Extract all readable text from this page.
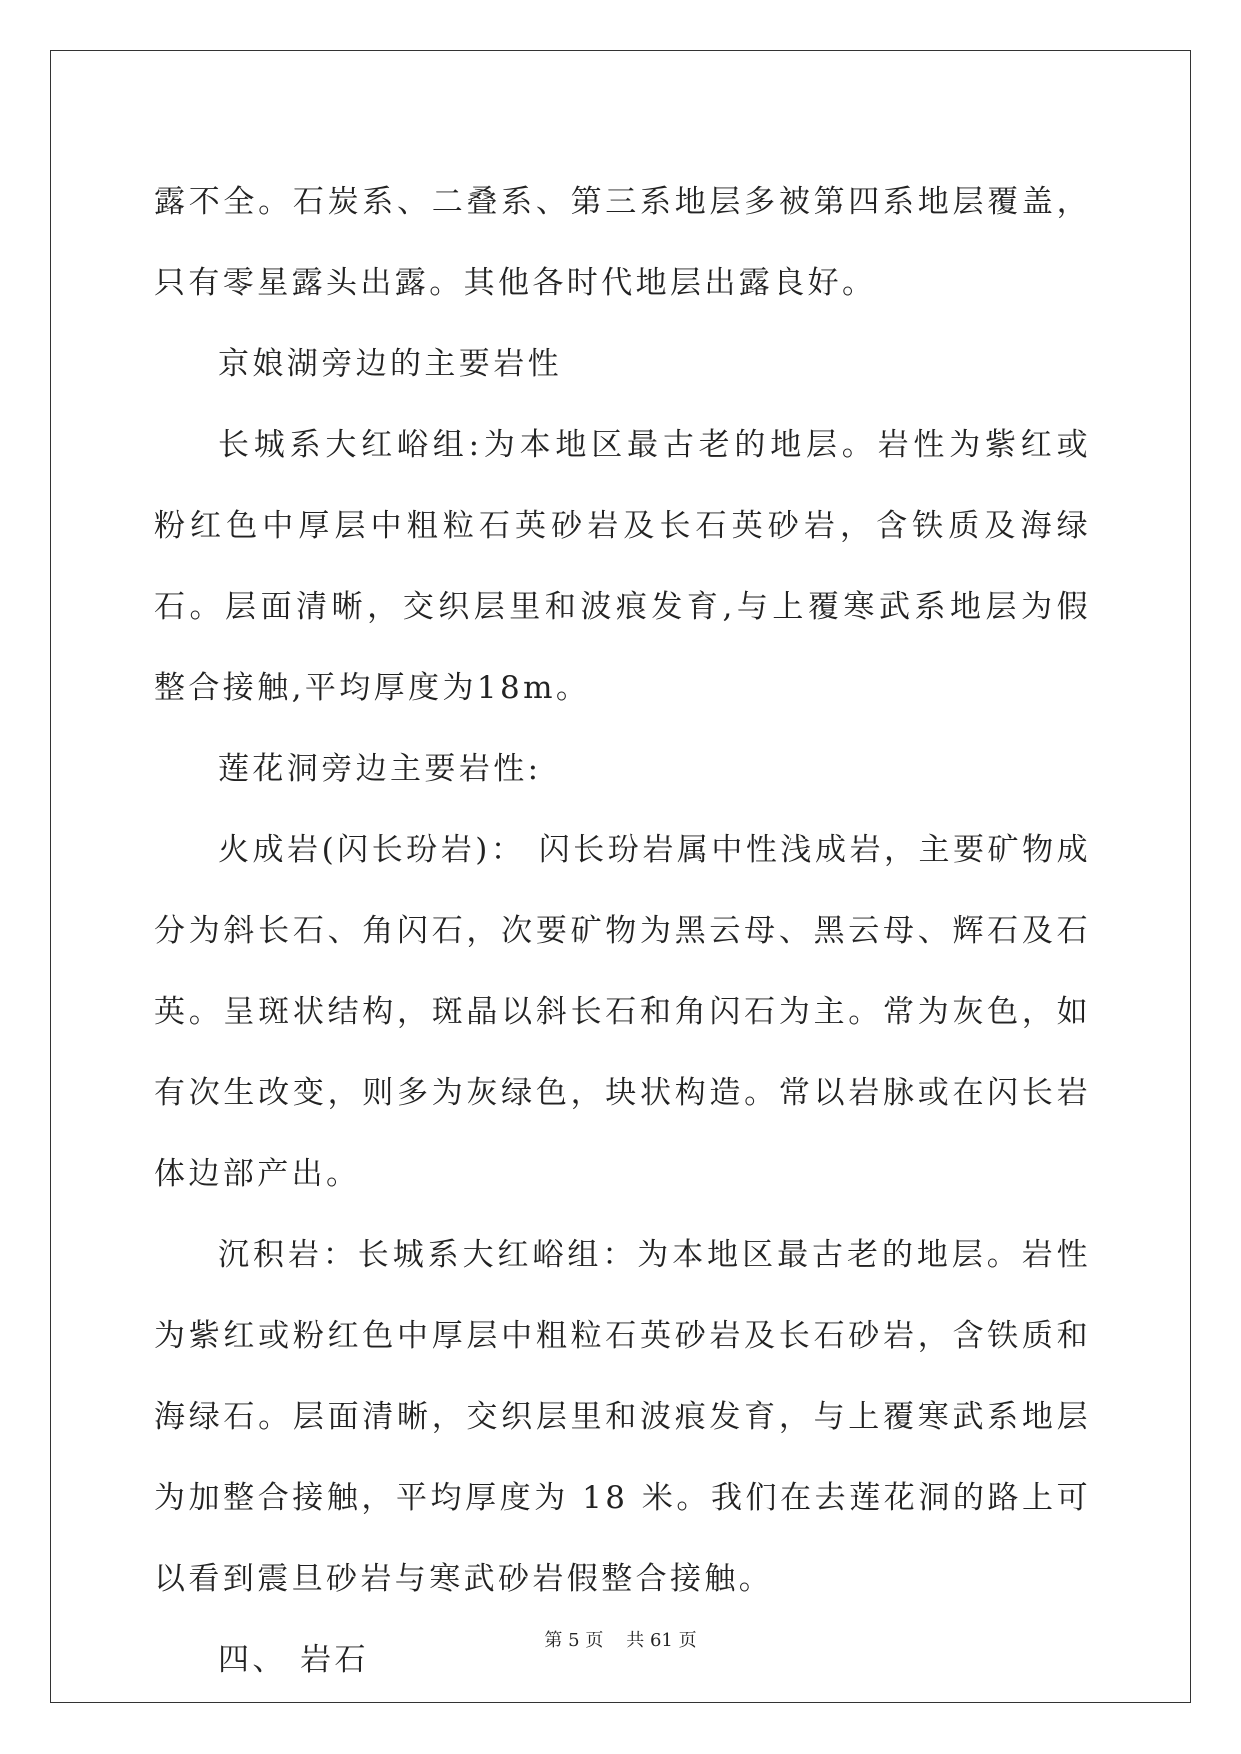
露不全。石炭系、二叠系、第三系地层多被第四系地层覆盖，只有零星露头出露。其他各时代地层出露良好。

京娘湖旁边的主要岩性

长城系大红峪组:为本地区最古老的地层。岩性为紫红或粉红色中厚层中粗粒石英砂岩及长石英砂岩，含铁质及海绿石。层面清晰，交织层里和波痕发育,与上覆寒武系地层为假整合接触,平均厚度为18m。

莲花洞旁边主要岩性:

火成岩(闪长玢岩)： 闪长玢岩属中性浅成岩，主要矿物成分为斜长石、角闪石，次要矿物为黑云母、黑云母、辉石及石英。呈斑状结构，斑晶以斜长石和角闪石为主。常为灰色，如有次生改变，则多为灰绿色，块状构造。常以岩脉或在闪长岩体边部产出。

沉积岩：长城系大红峪组：为本地区最古老的地层。岩性为紫红或粉红色中厚层中粗粒石英砂岩及长石砂岩，含铁质和海绿石。层面清晰，交织层里和波痕发育，与上覆寒武系地层为加整合接触，平均厚度为 18 米。我们在去莲花洞的路上可以看到震旦砂岩与寒武砂岩假整合接触。

四、 岩石

第 5 页 共 61 页
